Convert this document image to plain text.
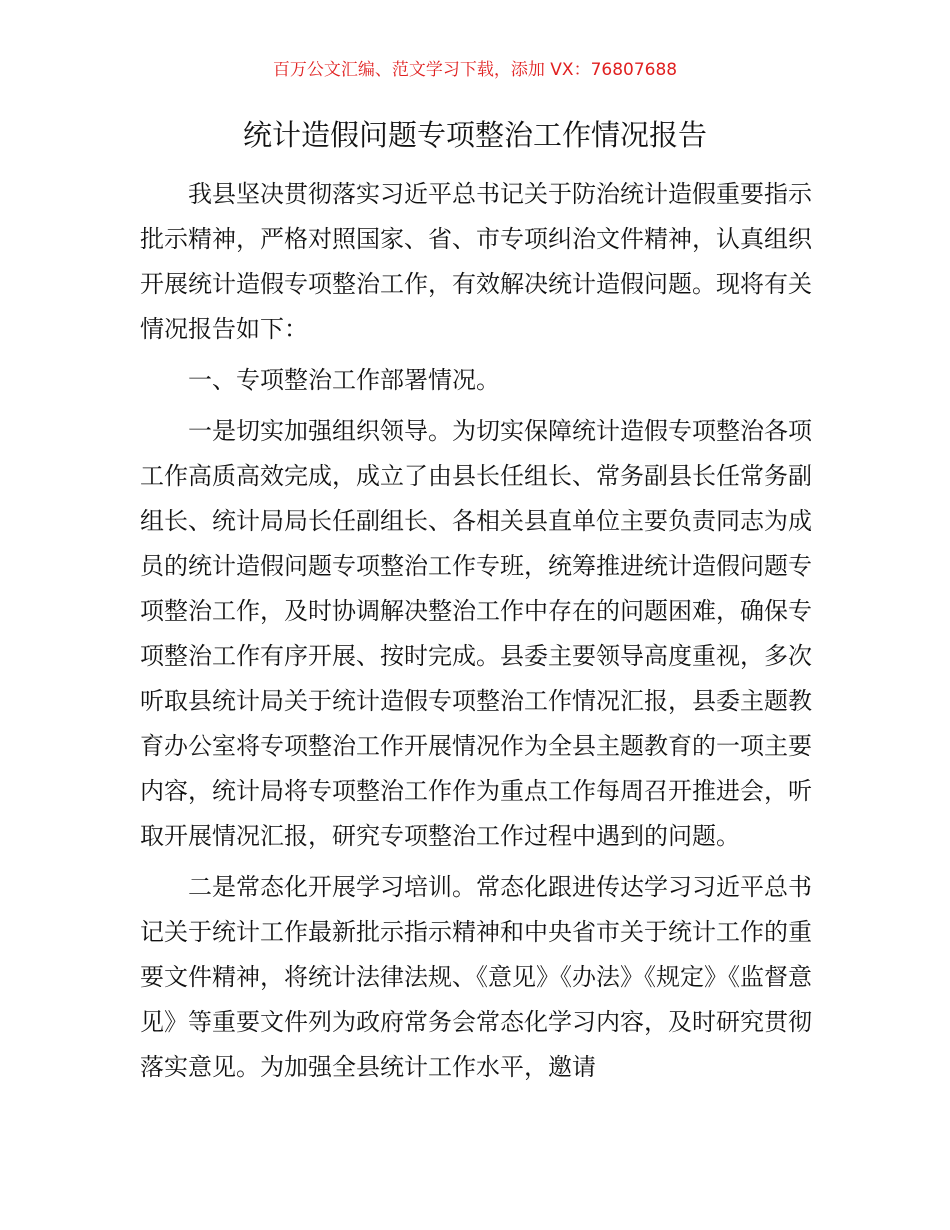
百万公文汇编、范文学习下载，添加 VX：76807688
统计造假问题专项整治工作情况报告

我县坚决贯彻落实习近平总书记关于防治统计造假重要指示批示精神，严格对照国家、省、市专项纠治文件精神，认真组织开展统计造假专项整治工作，有效解决统计造假问题。现将有关情况报告如下：

一、专项整治工作部署情况。

一是切实加强组织领导。为切实保障统计造假专项整治各项工作高质高效完成，成立了由县长任组长、常务副县长任常务副组长、统计局局长任副组长、各相关县直单位主要负责同志为成员的统计造假问题专项整治工作专班，统筹推进统计造假问题专项整治工作，及时协调解决整治工作中存在的问题困难，确保专项整治工作有序开展、按时完成。县委主要领导高度重视，多次听取县统计局关于统计造假专项整治工作情况汇报，县委主题教育办公室将专项整治工作开展情况作为全县主题教育的一项主要内容，统计局将专项整治工作作为重点工作每周召开推进会，听取开展情况汇报，研究专项整治工作过程中遇到的问题。

二是常态化开展学习培训。常态化跟进传达学习习近平总书记关于统计工作最新批示指示精神和中央省市关于统计工作的重要文件精神，将统计法律法规、《意见》《办法》《规定》《监督意见》等重要文件列为政府常务会常态化学习内容，及时研究贯彻落实意见。为加强全县统计工作水平，邀请
